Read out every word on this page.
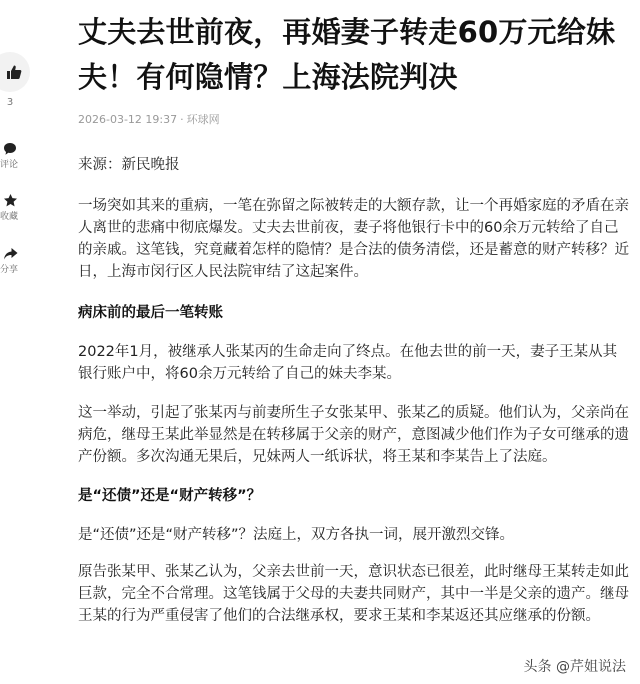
3
评论
收藏
分享
丈夫去世前夜，再婚妻子转走60万元给妹夫！有何隐情？上海法院判决
2026-03-12 19:37 · 环球网

来源：新民晚报

一场突如其来的重病，一笔在弥留之际被转走的大额存款，让一个再婚家庭的矛盾在亲人离世的悲痛中彻底爆发。丈夫去世前夜，妻子将他银行卡中的60余万元转给了自己的亲戚。这笔钱，究竟藏着怎样的隐情？是合法的债务清偿，还是蓄意的财产转移？近日，上海市闵行区人民法院审结了这起案件。

病床前的最后一笔转账

2022年1月，被继承人张某丙的生命走向了终点。在他去世的前一天，妻子王某从其银行账户中，将60余万元转给了自己的妹夫李某。

这一举动，引起了张某丙与前妻所生子女张某甲、张某乙的质疑。他们认为，父亲尚在病危，继母王某此举显然是在转移属于父亲的财产，意图减少他们作为子女可继承的遗产份额。多次沟通无果后，兄妹两人一纸诉状，将王某和李某告上了法庭。

是“还债”还是“财产转移”？

是“还债”还是“财产转移”？法庭上，双方各执一词，展开激烈交锋。

原告张某甲、张某乙认为，父亲去世前一天，意识状态已很差，此时继母王某转走如此巨款，完全不合常理。这笔钱属于父母的夫妻共同财产，其中一半是父亲的遗产。继母王某的行为严重侵害了他们的合法继承权，要求王某和李某返还其应继承的份额。

头条 @芹姐说法
